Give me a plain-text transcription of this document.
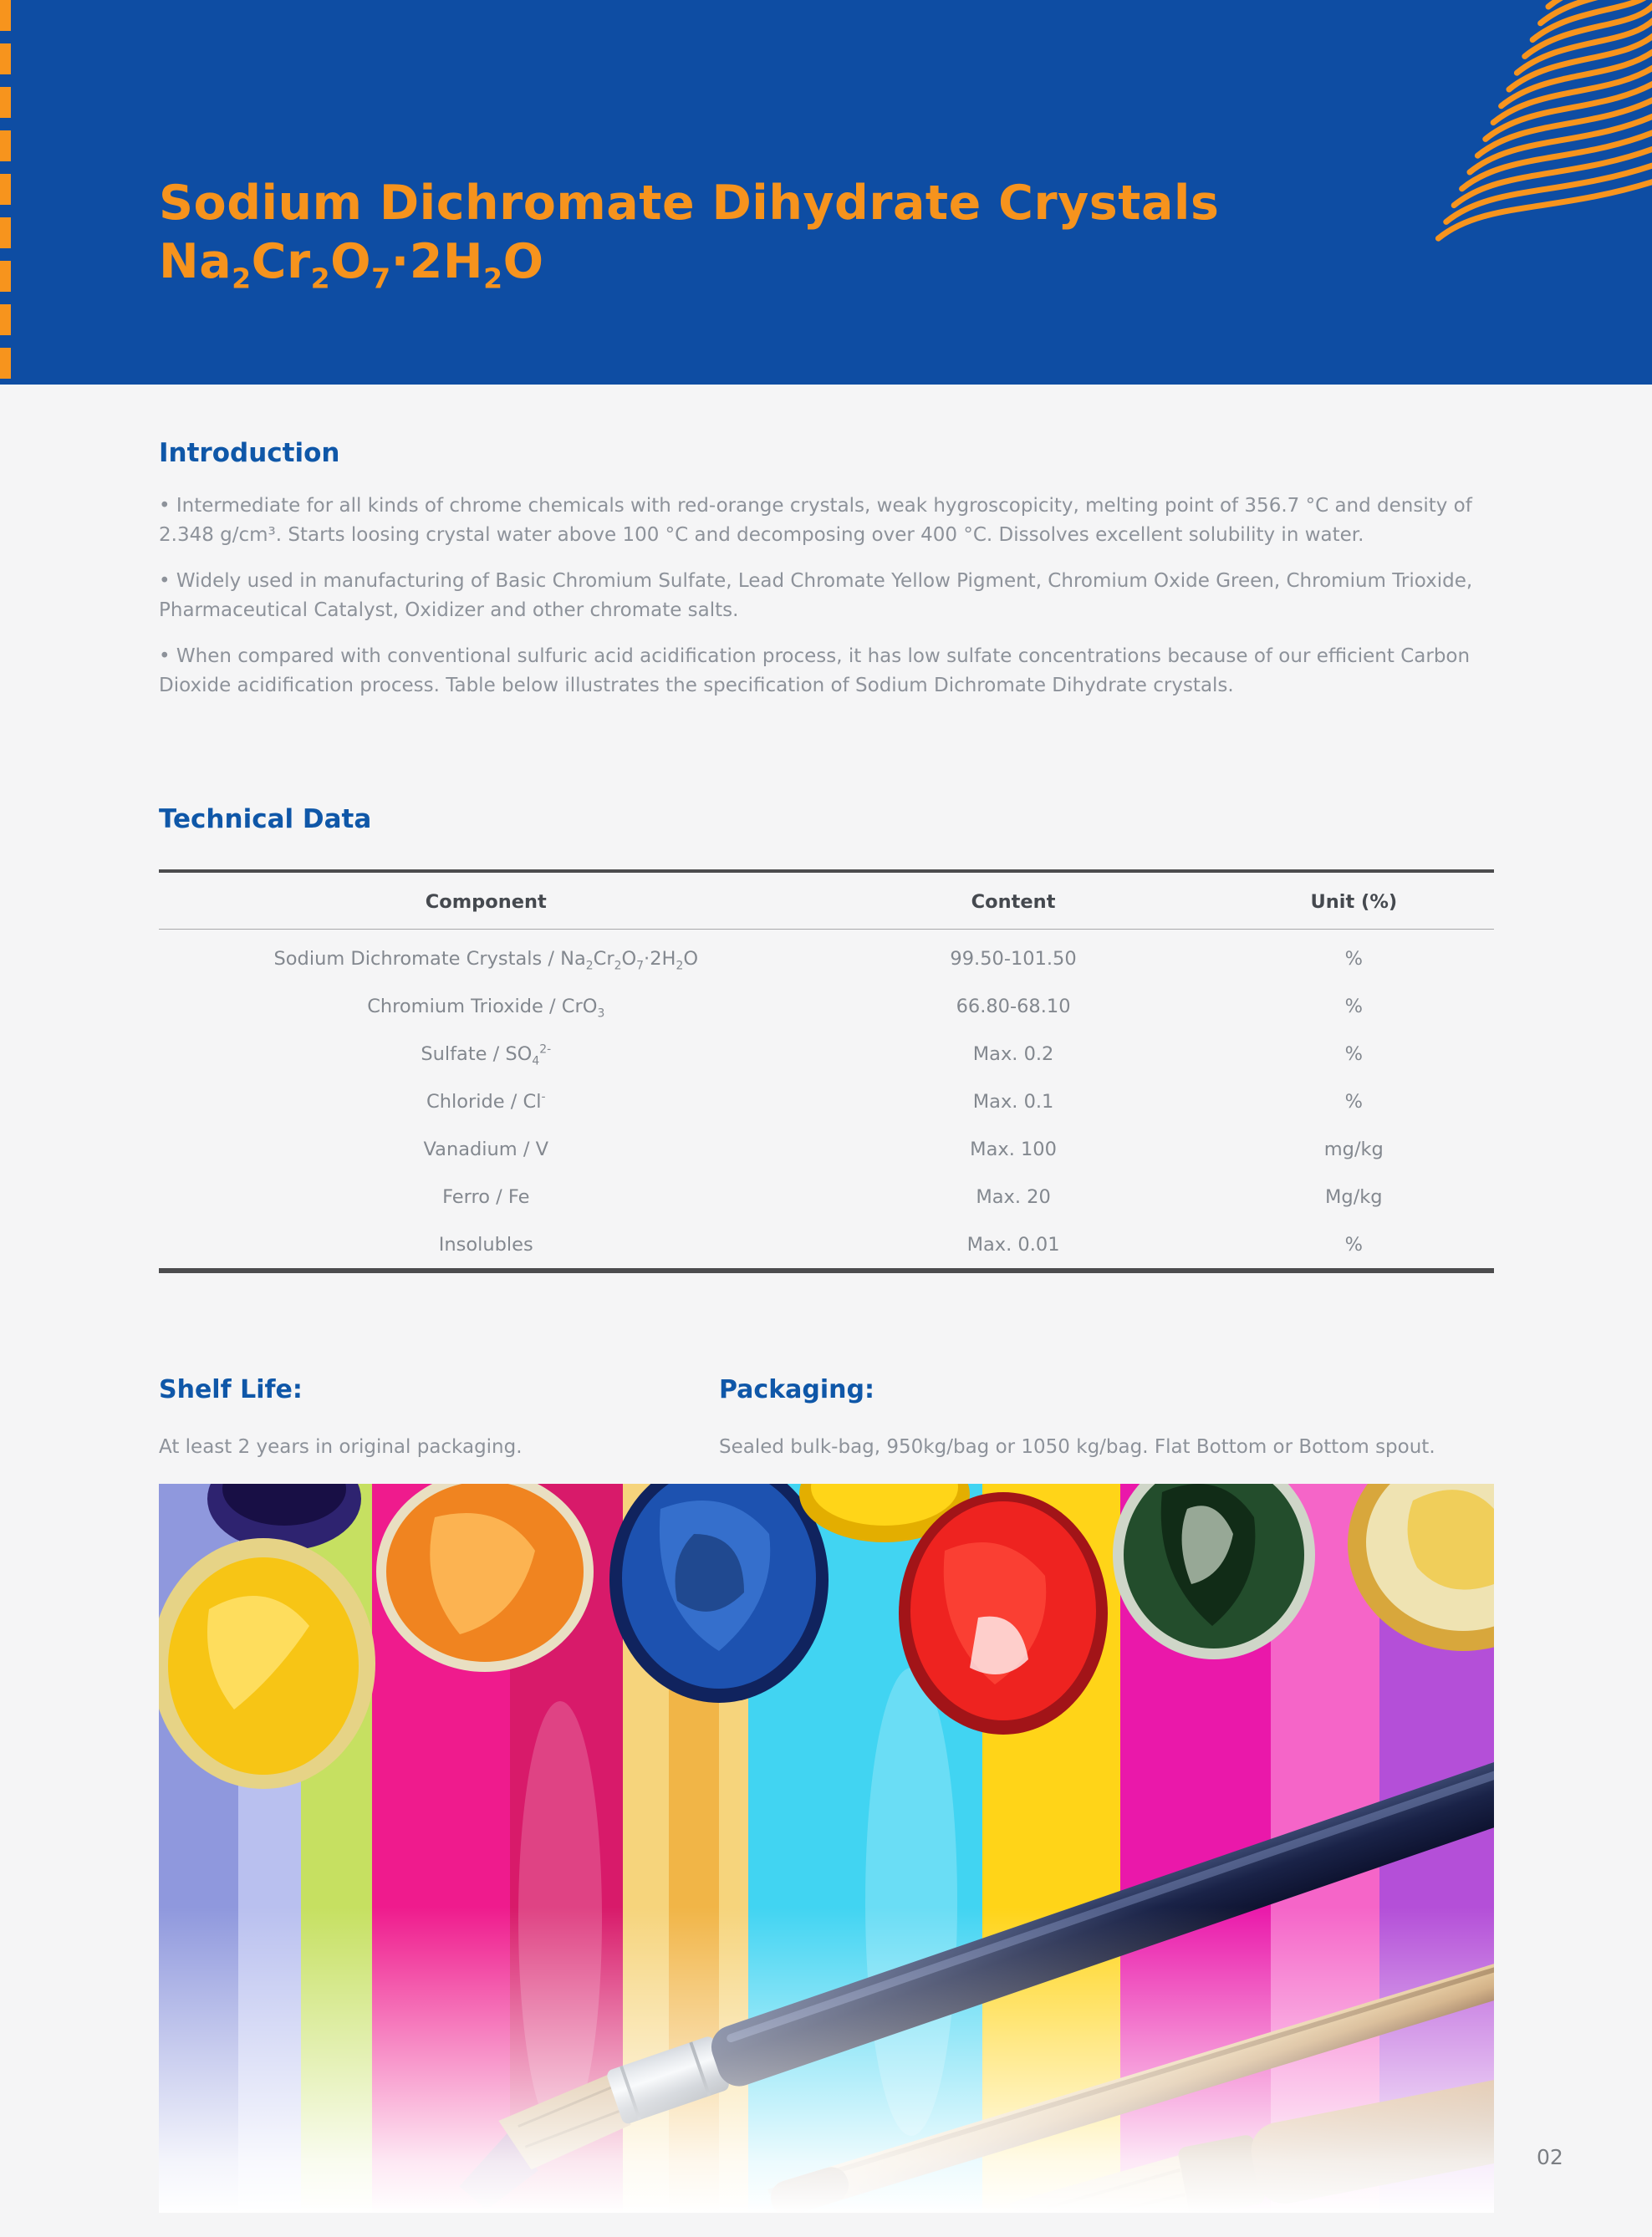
Sodium Dichromate Dihydrate Crystals
$Na_2Cr_2O_7\cdot 2H_2O$
Introduction

• Intermediate for all kinds of chrome chemicals with red-orange crystals, weak hygroscopicity, melting point of 356.7 °C and density of 2.348 g/cm³. Starts loosing crystal water above 100 °C and decomposing over 400 °C. Dissolves excellent solubility in water.

• Widely used in manufacturing of Basic Chromium Sulfate, Lead Chromate Yellow Pigment, Chromium Oxide Green, Chromium Trioxide, Pharmaceutical Catalyst, Oxidizer and other chromate salts.

• When compared with conventional sulfuric acid acidification process, it has low sulfate concentrations because of our efficient Carbon Dioxide acidification process. Table below illustrates the specification of Sodium Dichromate Dihydrate crystals.

Technical Data
Component	Content	Unit (%)
Sodium Dichromate Crystals / $Na_2Cr_2O_7\cdot 2H_2O$	99.50-101.50	%
Chromium Trioxide / CrO$_3$	66.80-68.10	%
Sulfate / $SO_4^{2-}$	Max. 0.2	%
Chloride / Cl-	Max. 0.1	%
Vanadium / V	Max. 100	mg/kg
Ferro / Fe	Max. 20	Mg/kg
Insolubles	Max. 0.01	%
Shelf Life:

At least 2 years in original packaging.

Packaging:

Sealed bulk-bag, 950kg/bag or 1050 kg/bag. Flat Bottom or Bottom spout.

02
